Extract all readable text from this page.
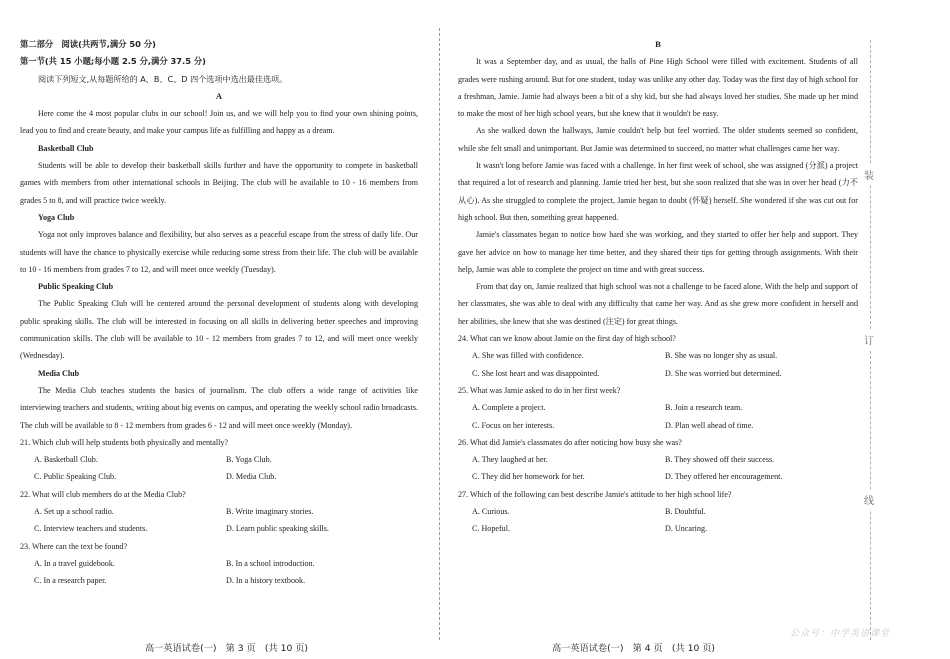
第二部分　阅读(共两节,满分 50 分)
第一节(共 15 小题;每小题 2.5 分,满分 37.5 分)
阅读下列短文,从每题所给的 A、B、C、D 四个选项中选出最佳选项。
A

Here come the 4 most popular clubs in our school! Join us, and we will help you to find your own shining points, lead you to find and create beauty, and make your campus life as fulfilling and happy as a dream.

Basketball Club

Students will be able to develop their basketball skills further and have the opportunity to compete in basketball games with members from other international schools in Beijing. The club will be available to 10 - 16 members from grades 5 to 8, and will practice twice weekly.

Yoga Club

Yoga not only improves balance and flexibility, but also serves as a peaceful escape from the stress of daily life. Our students will have the chance to physically exercise while reducing some stress from their life. The club will be available to 10 - 16 members from grades 7 to 12, and will meet once weekly (Tuesday).

Public Speaking Club

The Public Speaking Club will be centered around the personal development of students along with developing public speaking skills. The club will be interested in focusing on all skills in delivering better speeches and improving communication skills. The club will be available to 10 - 12 members from grades 7 to 12, and will meet once weekly (Wednesday).

Media Club

The Media Club teaches students the basics of journalism. The club offers a wide range of activities like interviewing teachers and students, writing about big events on campus, and operating the weekly school radio broadcasts. The club will be available to 8 - 12 members from grades 6 - 12 and will meet once weekly (Monday).

21. Which club will help students both physically and mentally?
A. Basketball Club.	B. Yoga Club.
C. Public Speaking Club.	D. Media Club.
22. What will club members do at the Media Club?
A. Set up a school radio.	B. Write imaginary stories.
C. Interview teachers and students.	D. Learn public speaking skills.
23. Where can the text be found?
A. In a travel guidebook.	B. In a school introduction.
C. In a research paper.	D. In a history textbook.
高一英语试卷(一)　第 3 页　(共 10 页)
B

It was a September day, and as usual, the halls of Pine High School were filled with excitement. Students of all grades were rushing around. But for one student, today was unlike any other day. Today was the first day of high school for a freshman, Jamie. Jamie had always been a bit of a shy kid, but she had always loved her studies. She made up her mind to make the most of her high school years, but she knew that it wouldn't be easy.

As she walked down the hallways, Jamie couldn't help but feel worried. The older students seemed so confident, while she felt small and unimportant. But Jamie was determined to succeed, no matter what challenges came her way.

It wasn't long before Jamie was faced with a challenge. In her first week of school, she was assigned (分派) a project that required a lot of research and planning. Jamie tried her best, but she soon realized that she was in over her head (力不从心). As she struggled to complete the project, Jamie began to doubt (怀疑) herself. She wondered if she was cut out for high school. But then, something great happened.

Jamie's classmates began to notice how hard she was working, and they started to offer her help and support. They gave her advice on how to manage her time better, and they shared their tips for getting through assignments. With their help, Jamie was able to complete the project on time and with great success.

From that day on, Jamie realized that high school was not a challenge to be faced alone. With the help and support of her classmates, she was able to deal with any difficulty that came her way. And as she grew more confident in herself and her abilities, she knew that she was destined (注定) for great things.

24. What can we know about Jamie on the first day of high school?
A. She was filled with confidence.	B. She was no longer shy as usual.
C. She lost heart and was disappointed.	D. She was worried but determined.
25. What was Jamie asked to do in her first week?
A. Complete a project.	B. Join a research team.
C. Focus on her interests.	D. Plan well ahead of time.
26. What did Jamie's classmates do after noticing how busy she was?
A. They laughed at her.	B. They showed off their success.
C. They did her homework for her.	D. They offered her encouragement.
27. Which of the following can best describe Jamie's attitude to her high school life?
A. Curious.	B. Doubtful.
C. Hopeful.	D. Uncaring.
高一英语试卷(一)　第 4 页　(共 10 页)
装
订
线
公众号：中学英语课堂
